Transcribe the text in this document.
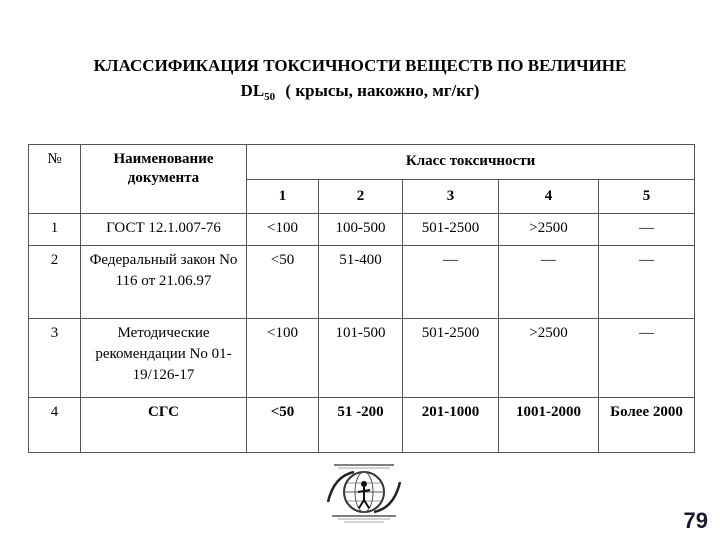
КЛАССИФИКАЦИЯ ТОКСИЧНОСТИ ВЕЩЕСТВ ПО ВЕЛИЧИНЕ
$DL_{50}$ ( крысы, накожно, мг/кг)
№	Наименование документа	Класс токсичности				
		1	2	3	4	5
1	ГОСТ 12.1.007-76	<100	100-500	501-2500	>2500	—
2	Федеральный закон No 116 от 21.06.97	<50	51-400	—	—	—
3	Методические рекомендации No 01-19/126-17	<100	101-500	501-2500	>2500	—
4	СГС	<50	51 -200	201-1000	1001-2000	Более 2000
79
